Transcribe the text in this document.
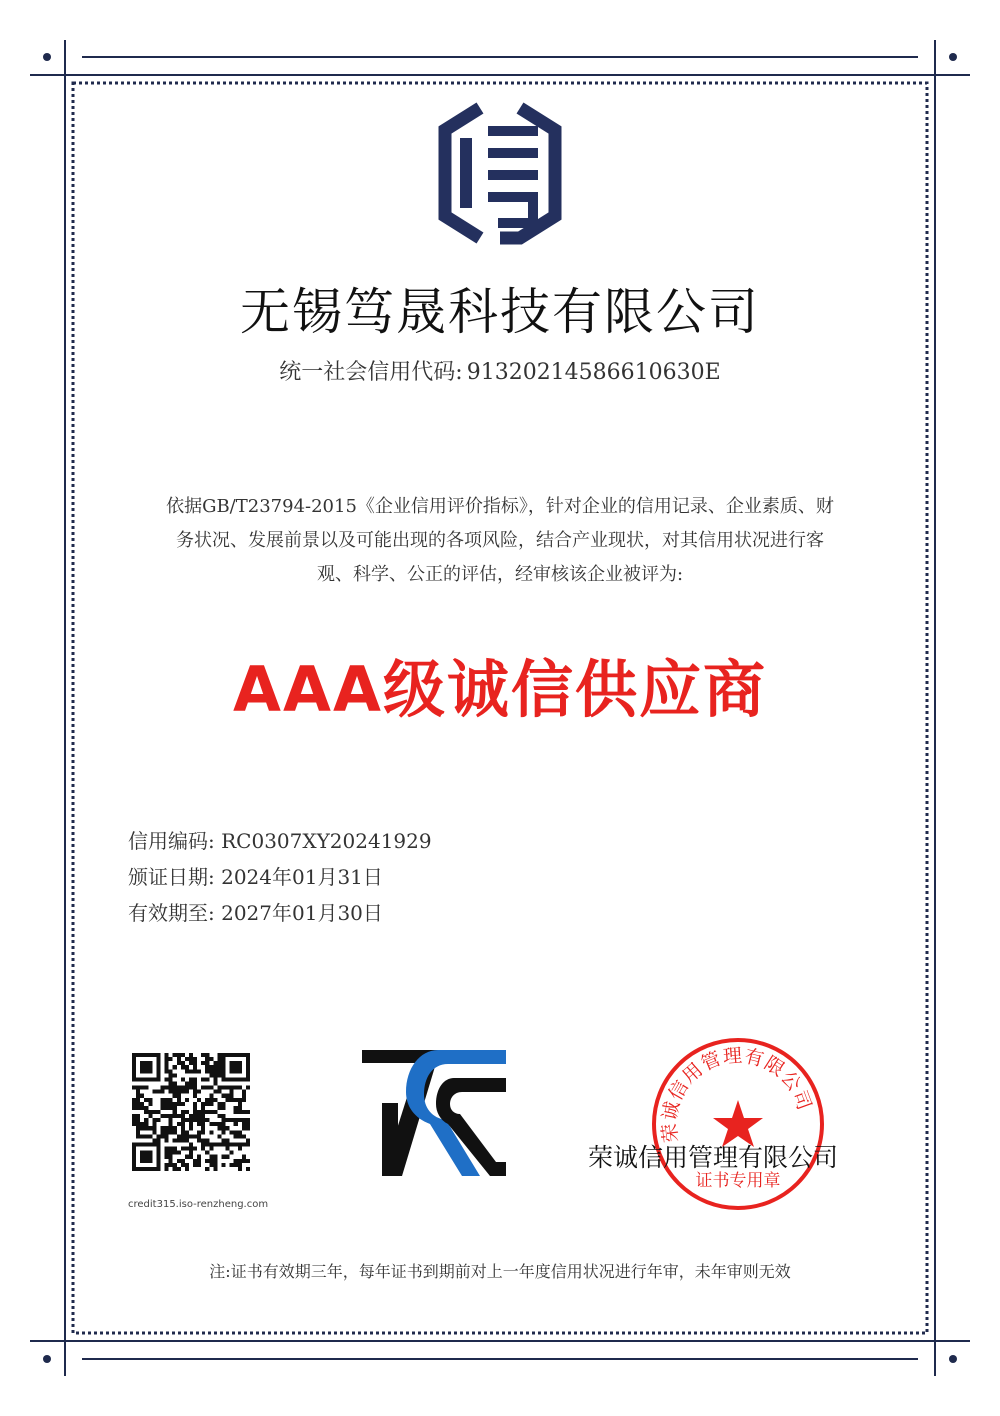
无锡笃晟科技有限公司
统一社会信用代码: 91320214586610630E
依据GB/T23794-2015《企业信用评价指标》，针对企业的信用记录、企业素质、财
务状况、发展前景以及可能出现的各项风险，结合产业现状，对其信用状况进行客
观、科学、公正的评估，经审核该企业被评为:
AAA级诚信供应商
信用编码: RC0307XY20241929
颁证日期: 2024年01月31日
有效期至: 2027年01月30日
credit315.iso-renzheng.com
荣诚信用管理有限公司
证书专用章
荣诚信用管理有限公司
注:证书有效期三年，每年证书到期前对上一年度信用状况进行年审，未年审则无效
